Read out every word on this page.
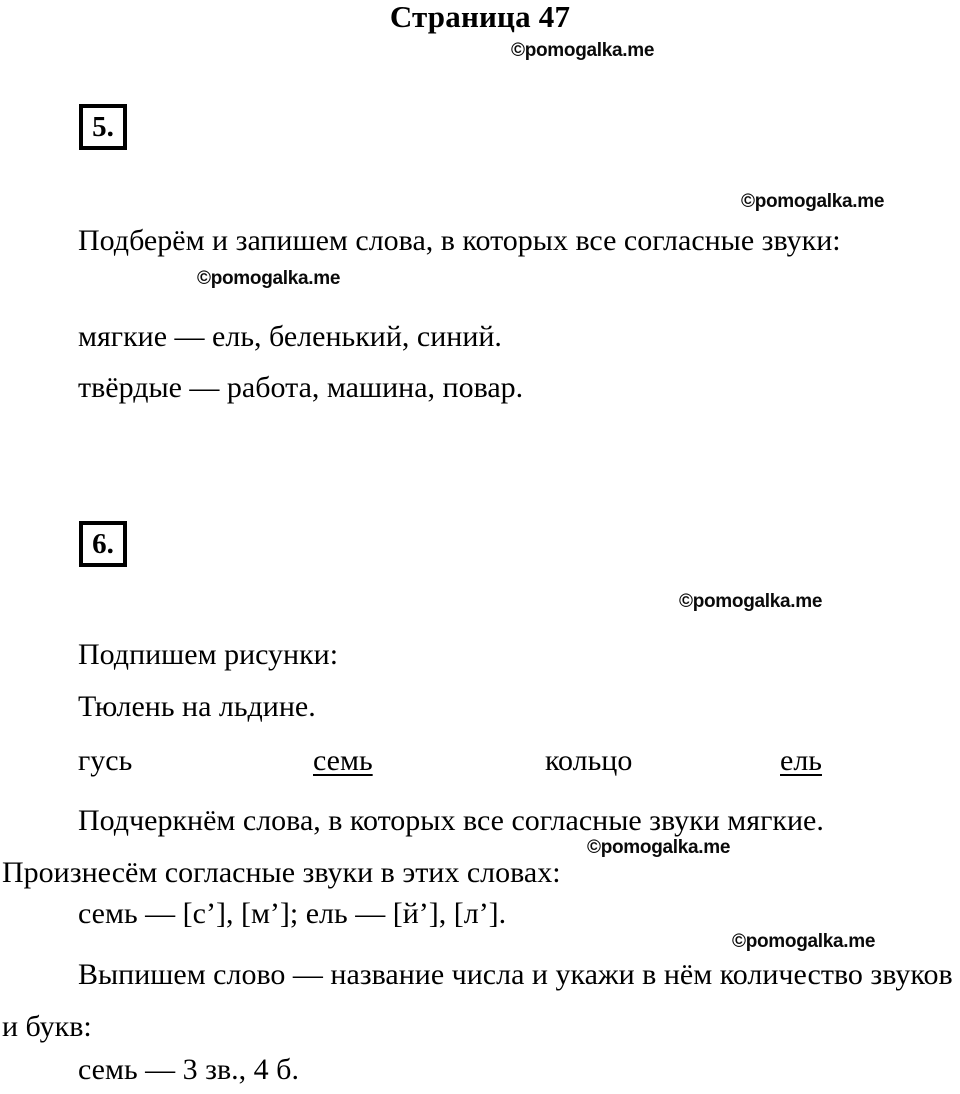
Страница 47
©pomogalka.me
5.
Подберём и запишем слова, в которых все согласные звуки:
©pomogalka.me
©pomogalka.me
мягкие — ель, беленький, синий.
твёрдые — работа, машина, повар.
6.
©pomogalka.me
Подпишем рисунки:
Тюлень на льдине.
гусь	семь	кольцо	ель
Подчеркнём слова, в которых все согласные звуки мягкие. Произнесём согласные звуки в этих словах:
©pomogalka.me
семь — [с’], [м’]; ель — [й’], [л’].
©pomogalka.me
Выпишем слово — название числа и укажи в нём количество звуков и букв:
семь — 3 зв., 4 б.
